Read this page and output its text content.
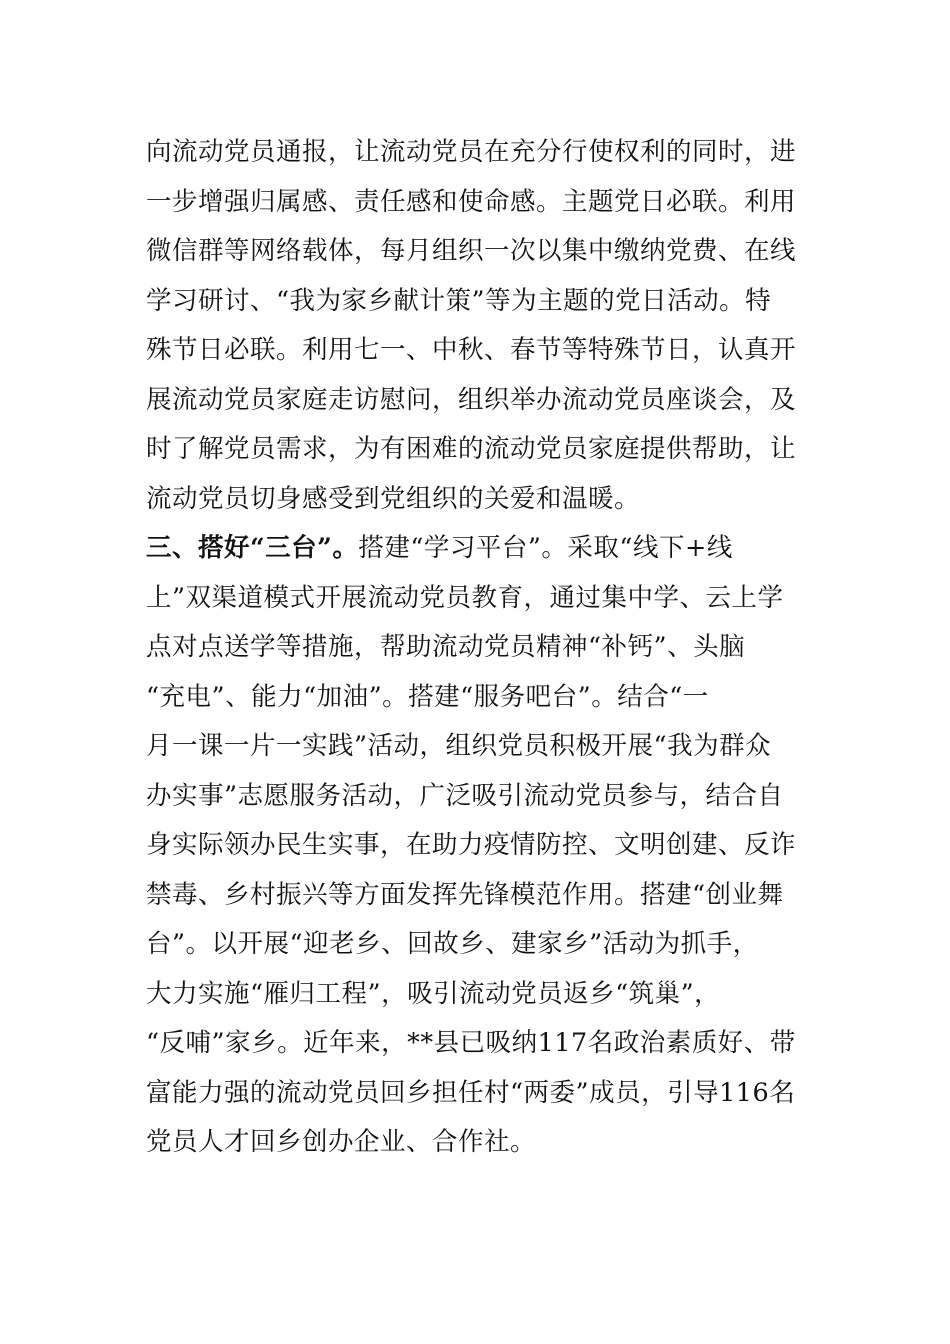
向流动党员通报，让流动党员在充分行使权利的同时，进
一步增强归属感、责任感和使命感。主题党日必联。利用
微信群等网络载体，每月组织一次以集中缴纳党费、在线
学习研讨、“我为家乡献计策”等为主题的党日活动。特
殊节日必联。利用七一、中秋、春节等特殊节日，认真开
展流动党员家庭走访慰问，组织举办流动党员座谈会，及
时了解党员需求，为有困难的流动党员家庭提供帮助，让
流动党员切身感受到党组织的关爱和温暖。
三、搭好“三台”。搭建“学习平台”。采取“线下+线
上”双渠道模式开展流动党员教育，通过集中学、云上学
点对点送学等措施，帮助流动党员精神“补钙”、头脑
“充电”、能力“加油”。搭建“服务吧台”。结合“一
月一课一片一实践”活动，组织党员积极开展“我为群众
办实事”志愿服务活动，广泛吸引流动党员参与，结合自
身实际领办民生实事，在助力疫情防控、文明创建、反诈
禁毒、乡村振兴等方面发挥先锋模范作用。搭建“创业舞
台”。以开展“迎老乡、回故乡、建家乡”活动为抓手，
大力实施“雁归工程”，吸引流动党员返乡“筑巢”，
“反哺”家乡。近年来，**县已吸纳117名政治素质好、带
富能力强的流动党员回乡担任村“两委”成员，引导116名
党员人才回乡创办企业、合作社。
